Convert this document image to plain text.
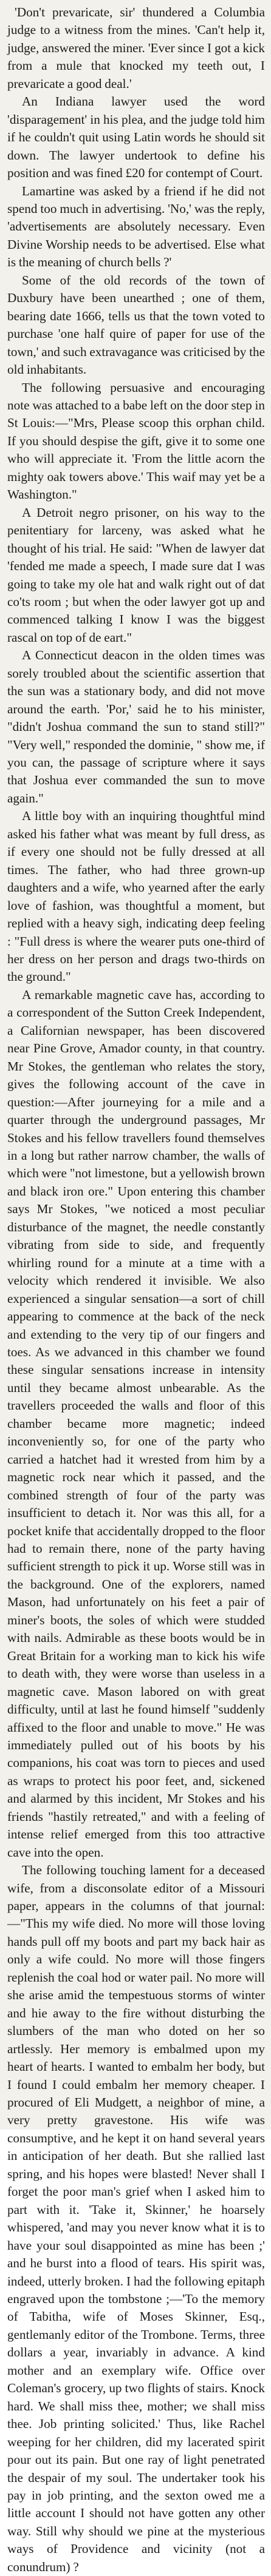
'Don't prevaricate, sir' thundered a Columbia judge to a witness from the mines. 'Can't help it, judge, answered the miner. 'Ever since I got a kick from a mule that knocked my teeth out, I prevaricate a good deal.'

An Indiana lawyer used the word 'disparagement' in his plea, and the judge told him if he couldn't quit using Latin words he should sit down. The lawyer undertook to define his position and was fined £20 for contempt of Court.

Lamartine was asked by a friend if he did not spend too much in advertising. 'No,' was the reply, 'advertisements are absolutely necessary. Even Divine Worship needs to be advertised. Else what is the meaning of church bells ?'

Some of the old records of the town of Duxbury have been unearthed ; one of them, bearing date 1666, tells us that the town voted to purchase 'one half quire of paper for use of the town,' and such extravagance was criticised by the old inhabitants.

The following persuasive and encouraging note was attached to a babe left on the door step in St Louis:—"Mrs, Please scoop this orphan child. If you should despise the gift, give it to some one who will appreciate it. 'From the little acorn the mighty oak towers above.' This waif may yet be a Washington."

A Detroit negro prisoner, on his way to the penitentiary for larceny, was asked what he thought of his trial. He said: "When de lawyer dat 'fended me made a speech, I made sure dat I was going to take my ole hat and walk right out of dat co'ts room ; but when the oder lawyer got up and commenced talking I know I was the biggest rascal on top of de eart."

A Connecticut deacon in the olden times was sorely troubled about the scientific assertion that the sun was a stationary body, and did not move around the earth. 'Por,' said he to his minister, "didn't Joshua command the sun to stand still?" "Very well," responded the dominie, " show me, if you can, the passage of scripture where it says that Joshua ever commanded the sun to move again."

A little boy with an inquiring thoughtful mind asked his father what was meant by full dress, as if every one should not be fully dressed at all times. The father, who had three grown-up daughters and a wife, who yearned after the early love of fashion, was thoughtful a moment, but replied with a heavy sigh, indicating deep feeling : "Full dress is where the wearer puts one-third of her dress on her person and drags two-thirds on the ground."

A remarkable magnetic cave has, according to a correspondent of the Sutton Creek Independent, a Californian newspaper, has been discovered near Pine Grove, Amador county, in that country. Mr Stokes, the gentleman who relates the story, gives the following account of the cave in question:—After journeying for a mile and a quarter through the underground passages, Mr Stokes and his fellow travellers found themselves in a long but rather narrow chamber, the walls of which were "not limestone, but a yellowish brown and black iron ore." Upon entering this chamber says Mr Stokes, "we noticed a most peculiar disturbance of the magnet, the needle constantly vibrating from side to side, and frequently whirling round for a minute at a time with a velocity which rendered it invisible. We also experienced a singular sensation—a sort of chill appearing to commence at the back of the neck and extending to the very tip of our fingers and toes. As we advanced in this chamber we found these singular sensations increase in intensity until they became almost unbearable. As the travellers proceeded the walls and floor of this chamber became more magnetic; indeed inconveniently so, for one of the party who carried a hatchet had it wrested from him by a magnetic rock near which it passed, and the combined strength of four of the party was insufficient to detach it. Nor was this all, for a pocket knife that accidentally dropped to the floor had to remain there, none of the party having sufficient strength to pick it up. Worse still was in the background. One of the explorers, named Mason, had unfortunately on his feet a pair of miner's boots, the soles of which were studded with nails. Admirable as these boots would be in Great Britain for a working man to kick his wife to death with, they were worse than useless in a magnetic cave. Mason labored on with great difficulty, until at last he found himself "suddenly affixed to the floor and unable to move." He was immediately pulled out of his boots by his companions, his coat was torn to pieces and used as wraps to protect his poor feet, and, sickened and alarmed by this incident, Mr Stokes and his friends "hastily retreated," and with a feeling of intense relief emerged from this too attractive cave into the open.

The following touching lament for a deceased wife, from a disconsolate editor of a Missouri paper, appears in the columns of that journal:—"This my wife died. No more will those loving hands pull off my boots and part my back hair as only a wife could. No more will those fingers replenish the coal hod or water pail. No more will she arise amid the tempestuous storms of winter and hie away to the fire without disturbing the slumbers of the man who doted on her so artlessly. Her memory is embalmed upon my heart of hearts. I wanted to embalm her body, but I found I could embalm her memory cheaper. I procured of Eli Mudgett, a neighbor of mine, a very pretty gravestone. His wife was consumptive, and he kept it on hand several years in anticipation of her death. But she rallied last spring, and his hopes were blasted! Never shall I forget the poor man's grief when I asked him to part with it. 'Take it, Skinner,' he hoarsely whispered, 'and may you never know what it is to have your soul disappointed as mine has been ;' and he burst into a flood of tears. His spirit was, indeed, utterly broken. I had the following epitaph engraved upon the tombstone ;—'To the memory of Tabitha, wife of Moses Skinner, Esq., gentlemanly editor of the Trombone. Terms, three dollars a year, invariably in advance. A kind mother and an exemplary wife. Office over Coleman's grocery, up two flights of stairs. Knock hard. We shall miss thee, mother; we shall miss thee. Job printing solicited.' Thus, like Rachel weeping for her children, did my lacerated spirit pour out its pain. But one ray of light penetrated the despair of my soul. The undertaker took his pay in job printing, and the sexton owed me a little account I should not have gotten any other way. Still why should we pine at the mysterious ways of Providence and vicinity (not a conundrum) ?
